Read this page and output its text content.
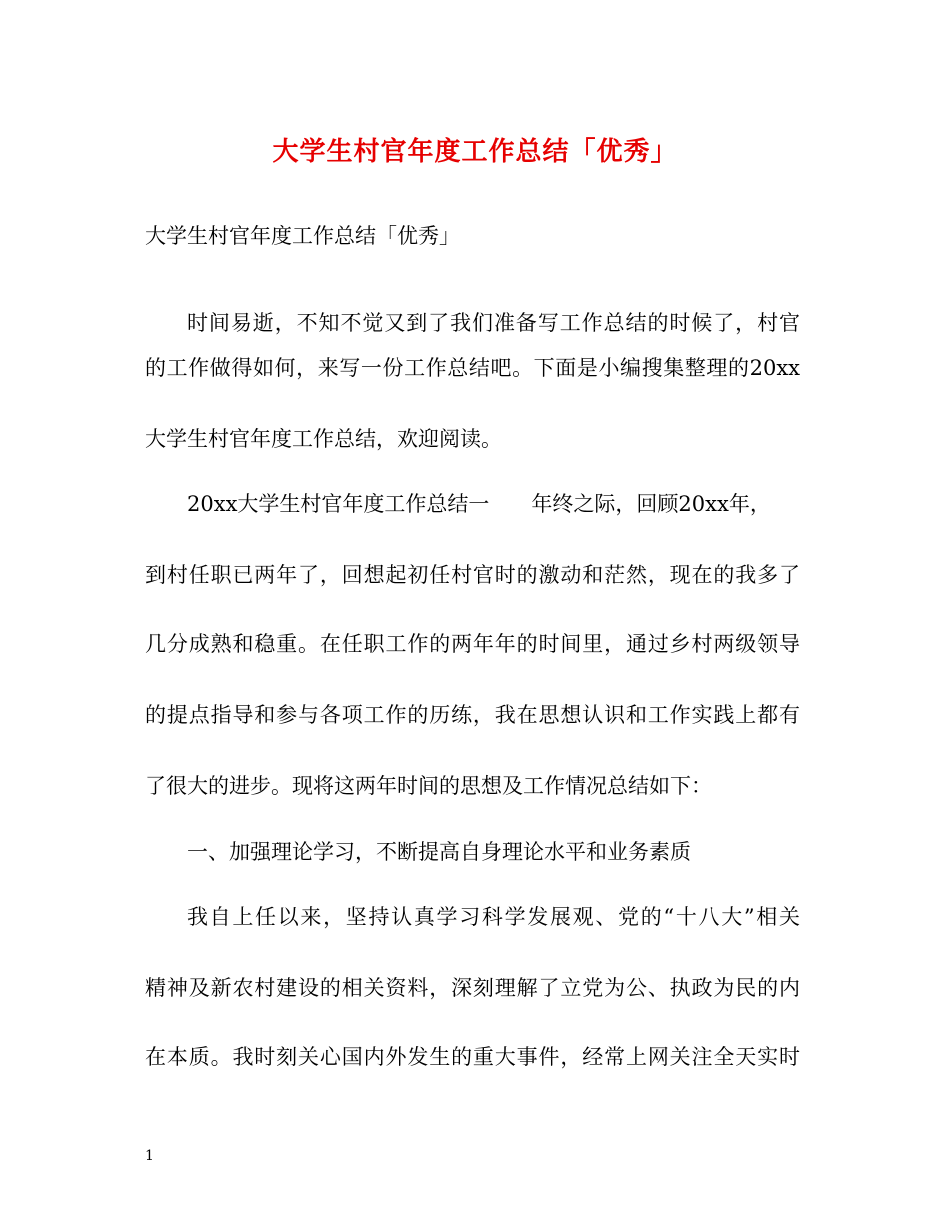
大学生村官年度工作总结「优秀」
大学生村官年度工作总结「优秀」
时间易逝，不知不觉又到了我们准备写工作总结的时候了，村官
的工作做得如何，来写一份工作总结吧。下面是小编搜集整理的20xx
大学生村官年度工作总结，欢迎阅读。
20xx大学生村官年度工作总结一 年终之际，回顾20xx年，
到村任职已两年了，回想起初任村官时的激动和茫然，现在的我多了
几分成熟和稳重。在任职工作的两年年的时间里，通过乡村两级领导
的提点指导和参与各项工作的历练，我在思想认识和工作实践上都有
了很大的进步。现将这两年时间的思想及工作情况总结如下：
一、加强理论学习，不断提高自身理论水平和业务素质
我自上任以来，坚持认真学习科学发展观、党的“十八大”相关
精神及新农村建设的相关资料，深刻理解了立党为公、执政为民的内
在本质。我时刻关心国内外发生的重大事件，经常上网关注全天实时
1
